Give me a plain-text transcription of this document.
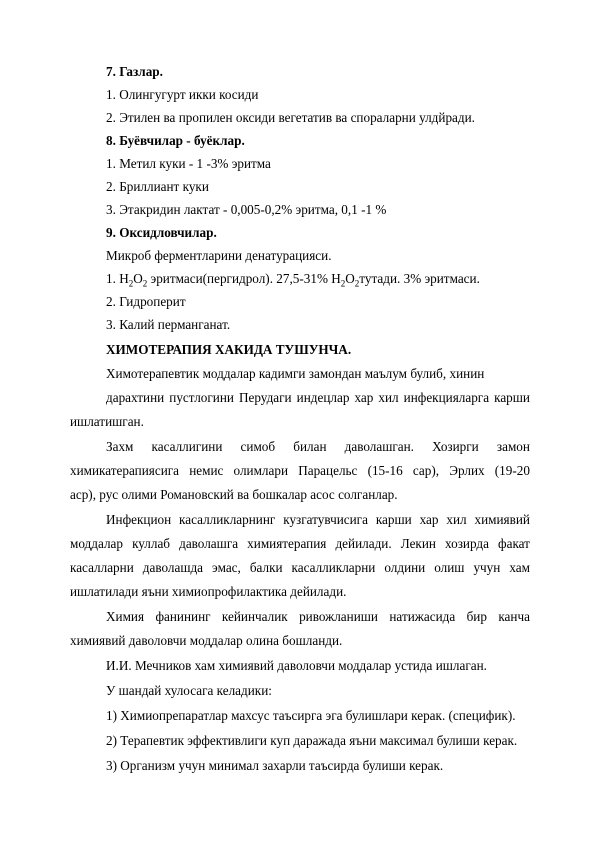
7. Газлар.
1. Олингугурт икки косиди
2. Этилен ва пропилен оксиди вегетатив ва спораларни улдйради.
8. Буёвчилар - буёклар.
1. Метил куки - 1 -3% эритма
2. Бриллиант куки
3. Этакридин лактат - 0,005-0,2% эритма, 0,1 -1 %
9. Оксидловчилар.
Микроб ферментларини денатурацияси.
1. $H_2O_2$ эритмаси(пергидрол). 27,5-31% $H_2O_2тутади$. 3% эритмаси.
2. Гидроперит
3. Калий перманганат.
ХИМОТЕРАПИЯ ХАКИДА ТУШУНЧА.
Химотерапевтик моддалар кадимги замондан маълум булиб, хинин
дарахтини пустлогини Перудаги индецлар хар хил инфекцияларга карши
ишлатишган.
Захм касаллигини симоб билан даволашган. Хозирги замон
химикатерапиясига немис олимлари Парацельс (15-16 сар), Эрлих (19-20
аср), рус олими Романовский ва бошкалар асос солганлар.
Инфекцион касалликларнинг кузгатувчисига карши хар хил химиявий
моддалар куллаб даволашга химиятерапия дейилади. Лекин хозирда факат
касалларни даволашда эмас, балки касалликларни олдини олиш учун хам
ишлатилади яъни химиопрофилактика дейилади.
Химия фанининг кейинчалик ривожланиши натижасида бир канча
химиявий даволовчи моддалар олина бошланди.
И.И. Мечников хам химиявий даволовчи моддалар устида ишлаган.
У шандай хулосага келадики:
1) Химиопрепаратлар махсус таъсирга эга булишлари керак. (специфик).
2) Терапевтик эффективлиги куп даражада яъни максимал булиши керак.
3) Организм учун минимал захарли таъсирда булиши керак.
